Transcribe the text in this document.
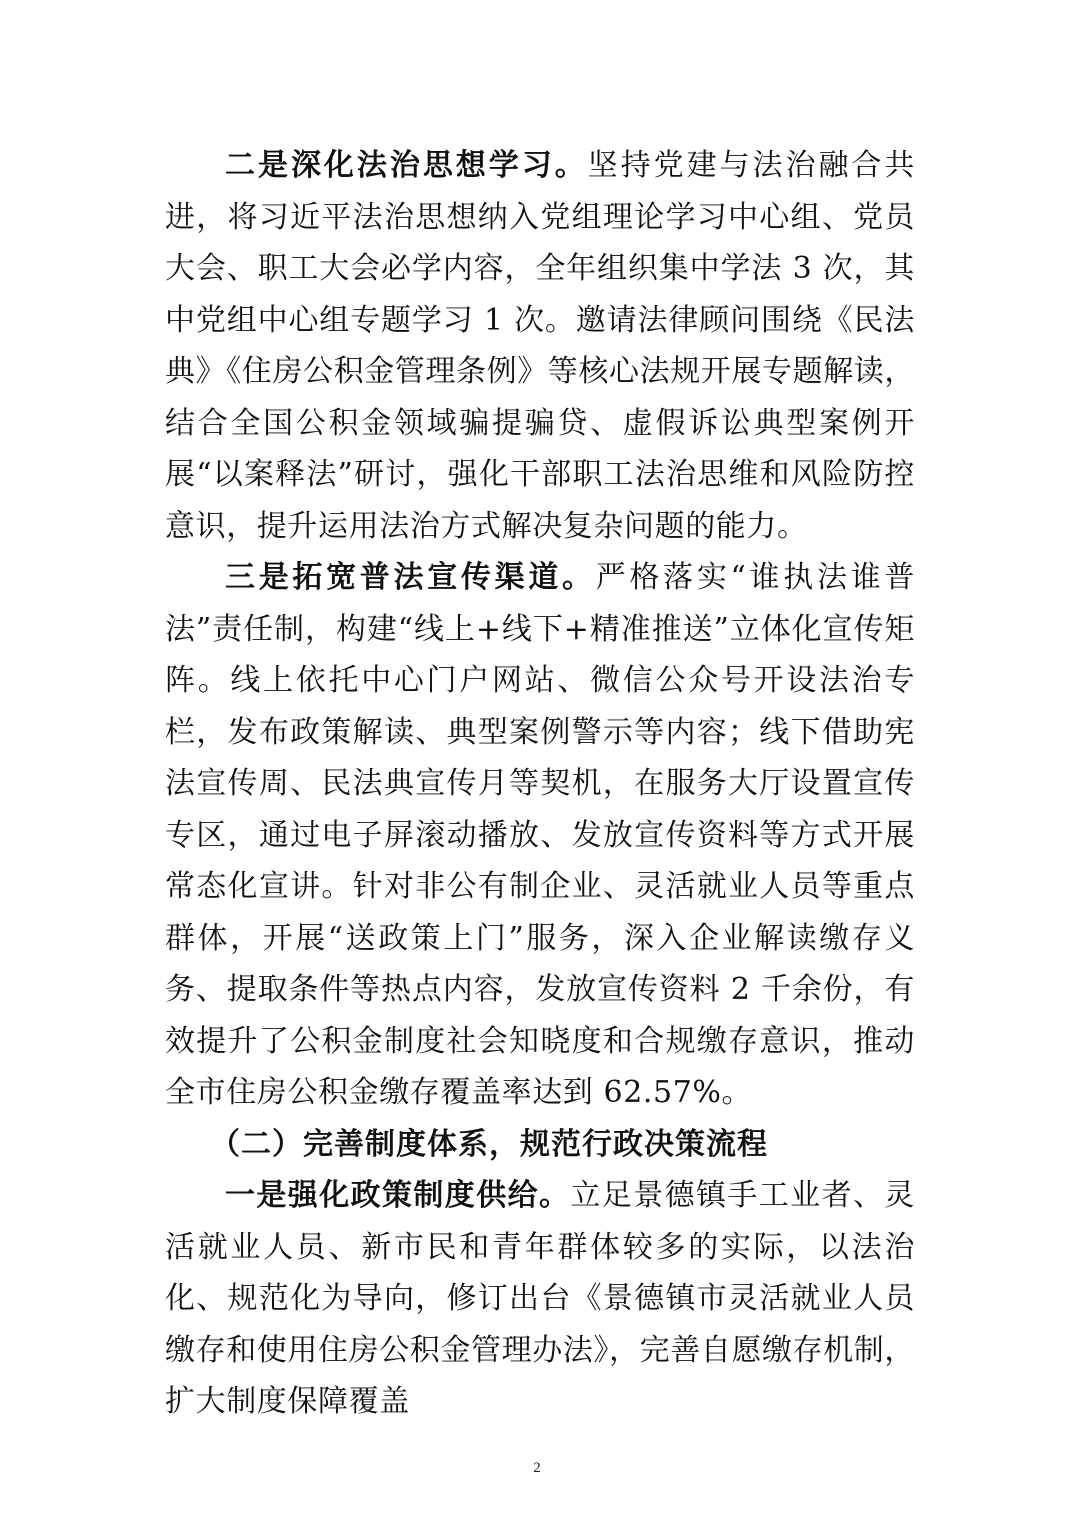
二是深化法治思想学习。坚持党建与法治融合共进，将习近平法治思想纳入党组理论学习中心组、党员大会、职工大会必学内容，全年组织集中学法 3 次，其中党组中心组专题学习 1 次。邀请法律顾问围绕《民法典》《住房公积金管理条例》等核心法规开展专题解读，结合全国公积金领域骗提骗贷、虚假诉讼典型案例开展“以案释法”研讨，强化干部职工法治思维和风险防控意识，提升运用法治方式解决复杂问题的能力。

三是拓宽普法宣传渠道。严格落实“谁执法谁普法”责任制，构建“线上+线下+精准推送”立体化宣传矩阵。线上依托中心门户网站、微信公众号开设法治专栏，发布政策解读、典型案例警示等内容；线下借助宪法宣传周、民法典宣传月等契机，在服务大厅设置宣传专区，通过电子屏滚动播放、发放宣传资料等方式开展常态化宣讲。针对非公有制企业、灵活就业人员等重点群体，开展“送政策上门”服务，深入企业解读缴存义务、提取条件等热点内容，发放宣传资料 2 千余份，有效提升了公积金制度社会知晓度和合规缴存意识，推动全市住房公积金缴存覆盖率达到 62.57%。

（二）完善制度体系，规范行政决策流程

一是强化政策制度供给。立足景德镇手工业者、灵活就业人员、新市民和青年群体较多的实际，以法治化、规范化为导向，修订出台《景德镇市灵活就业人员缴存和使用住房公积金管理办法》，完善自愿缴存机制，扩大制度保障覆盖

2
